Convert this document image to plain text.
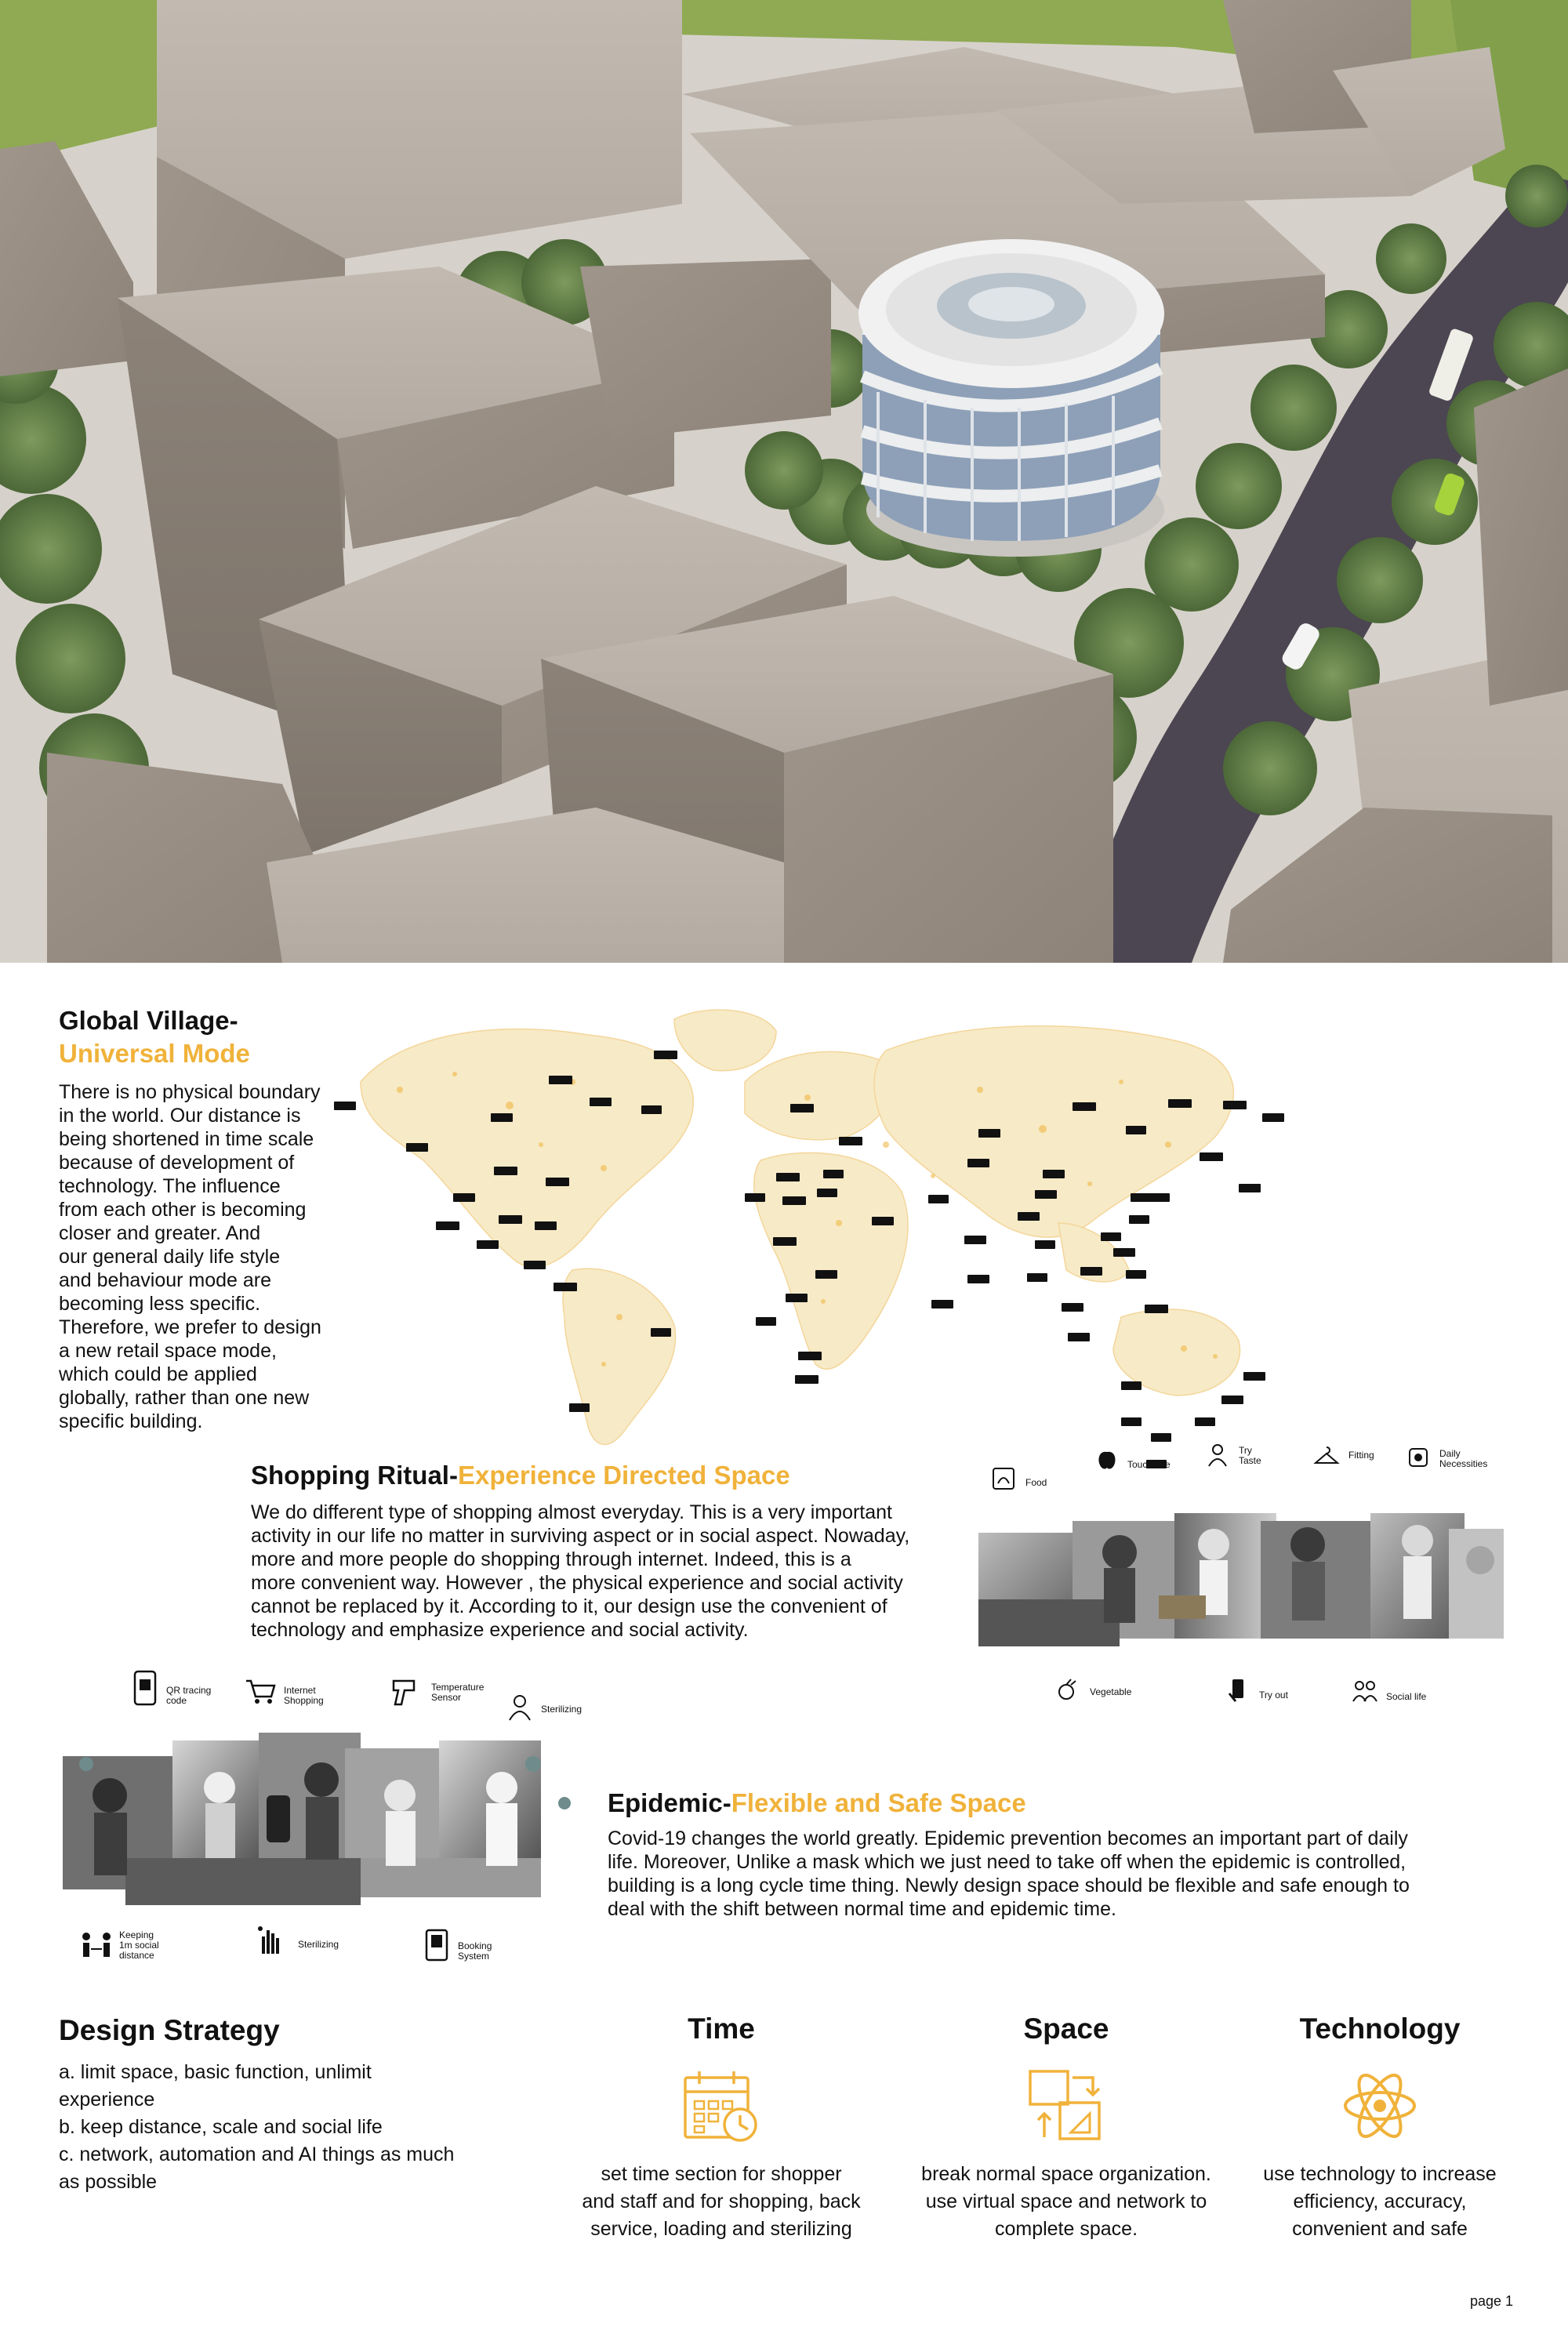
Global Village-
Universal Mode
There is no physical boundary
in the world. Our distance is
being shortened in time scale
because of development of
technology. The influence
from each other is becoming
closer and greater. And
our general daily life style
and behaviour mode are
becoming less specific.
Therefore, we prefer to design
a new retail space mode,
which could be applied
globally, rather than one new
specific building.
Shopping Ritual-Experience Directed Space
We do different type of shopping almost everyday. This is a very important
activity in our life no matter in surviving aspect or in social aspect. Nowaday,
more and more people do shopping through internet. Indeed, this is a
more convenient way. However , the physical experience and social activity
cannot be replaced by it. According to it, our design use the convenient of
technology and emphasize experience and social activity.
Food
Touchable
Try
Taste	Fitting	Daily
Necessities
Vegetable	Try out	Social life
QR tracing
code
Internet
Shopping
Temperature
Sensor
Sterilizing
Keeping
1m social
distance
Sterilizing	Booking
System
Epidemic-Flexible and Safe Space
Covid-19 changes the world greatly. Epidemic prevention becomes an important part of daily
life. Moreover, Unlike a mask which we just need to take off when the epidemic is controlled,
building is a long cycle time thing. Newly design space should be flexible and safe enough to
deal with the shift between normal time and epidemic time.
Design Strategy
a. limit space, basic function, unlimit
experience
b. keep distance, scale and social life
c. network, automation and AI things as much
as possible
Time
set time section for shopper
and staff and for shopping, back
service, loading and sterilizing
Space
break normal space organization.
use virtual space and network to
complete space.
Technology
use technology to increase
efficiency, accuracy,
convenient and safe
page 1
